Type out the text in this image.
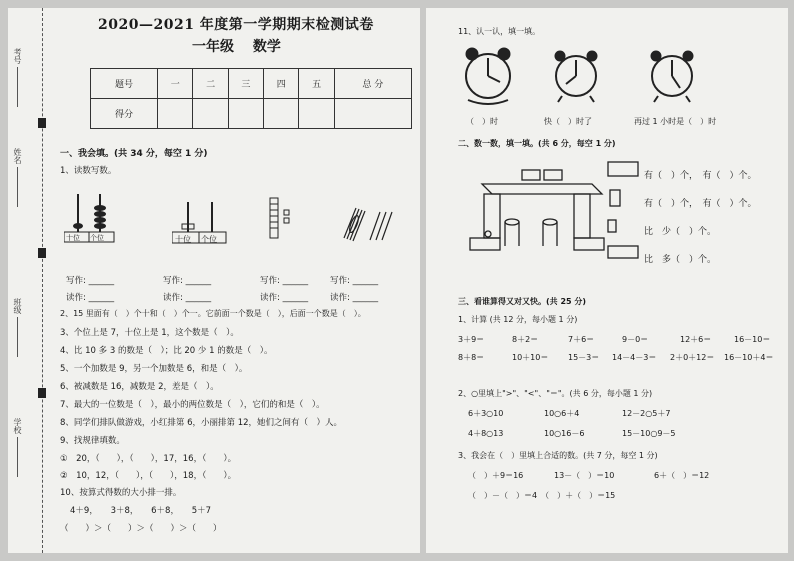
考号
姓名
班级
学校
2020—2021 年度第一学期期末检测试卷
一年级 数学
题号	一	二	三	四	五	总 分
得分						
一、我会填。(共 34 分，每空 1 分)
1、读数写数。
十位 个位	十位 个位
写作: ______	写作: ______	写作: ______	写作: ______
读作: ______	读作: ______	读作: ______	读作: ______
2、15 里面有（　）个十和（　）个一。它前面一个数是（　），后面一个数是（　）。
3、个位上是 7，十位上是 1，这个数是（　）。
4、比 10 多 3 的数是（　）；比 20 少 1 的数是（　）。
5、一个加数是 9，另一个加数是 6，和是（　）。
6、被减数是 16，减数是 2，差是（　）。
7、最大的一位数是（　），最小的两位数是（　），它们的和是（　）。
8、同学们排队做游戏，小红排第 6，小丽排第 12，她们之间有（　）人。
9、找规律填数。
①　20，（　　），（　　），17，16，（　　）。
②　10，12，（　　），（　　），18，（　　）。
10、按算式得数的大小排一排。
4＋9，　　3＋8，　　6＋8，　　5＋7
（　　）＞（　　）＞（　　）＞（　　）
11、认一认，填一填。
（　）时	快（　）时了	再过 1 小时是（　）时
二、数一数，填一填。(共 6 分，每空 1 分)
有（　）个，　有（　）个。
有（　）个，　有（　）个。
比　少（　）个。
比　多（　）个。
三、看谁算得又对又快。(共 25 分)
1、计算 (共 12 分，每小题 1 分)
3＋9＝	8＋2＝	7＋6＝	9－0＝	12＋6＝	16－10＝
8＋8＝	10＋10＝ 15－3＝ 14－4－3＝ 2＋0＋12＝ 16－10＋4＝
2、○里填上">"、"<"、"＝"。(共 6 分，每小题 1 分)
6＋3○10	10○6＋4	12－2○5＋7
4＋8○13	10○16－6	15－10○9－5
3、我会在（　）里填上合适的数。(共 7 分，每空 1 分)
（　）＋9＝16	13－（　）＝10	6＋（　）＝12
（　）－（　）＝4　（　）＋（　）＝15
